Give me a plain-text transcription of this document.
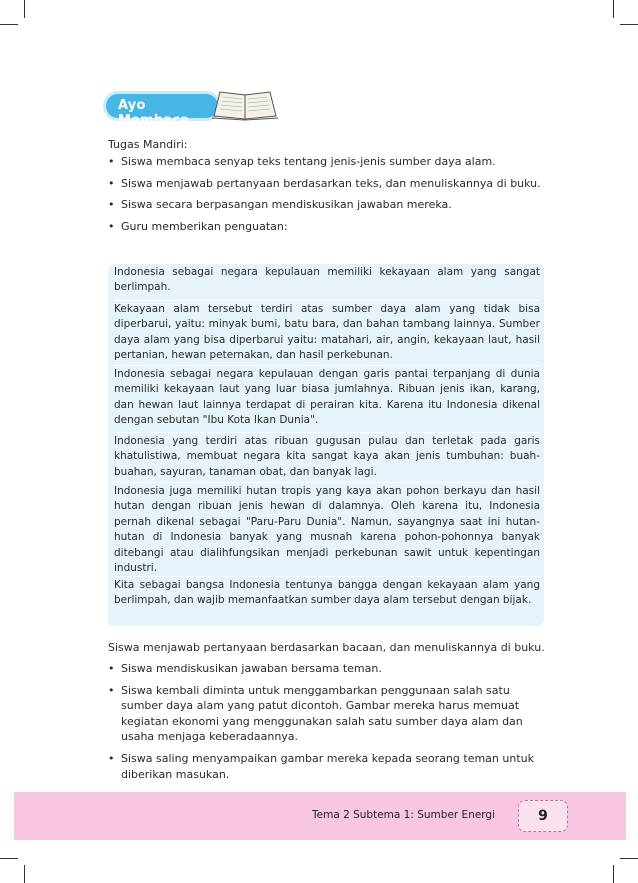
Ayo Membaca
Tugas Mandiri:
• Siswa membaca senyap teks tentang jenis-jenis sumber daya alam.
• Siswa menjawab pertanyaan berdasarkan teks, dan menuliskannya di buku.
• Siswa secara berpasangan mendiskusikan jawaban mereka.
• Guru memberikan penguatan:

Indonesia sebagai negara kepulauan memiliki kekayaan alam yang sangat berlimpah.

Kekayaan alam tersebut terdiri atas sumber daya alam yang tidak bisa diperbarui, yaitu: minyak bumi, batu bara, dan bahan tambang lainnya. Sumber daya alam yang bisa diperbarui yaitu: matahari, air, angin, kekayaan laut, hasil pertanian, hewan peternakan, dan hasil perkebunan.

Indonesia sebagai negara kepulauan dengan garis pantai terpanjang di dunia memiliki kekayaan laut yang luar biasa jumlahnya. Ribuan jenis ikan, karang, dan hewan laut lainnya terdapat di perairan kita. Karena itu Indonesia dikenal dengan sebutan "Ibu Kota Ikan Dunia".

Indonesia yang terdiri atas ribuan gugusan pulau dan terletak pada garis khatulistiwa, membuat negara kita sangat kaya akan jenis tumbuhan: buah-buahan, sayuran, tanaman obat, dan banyak lagi.

Indonesia juga memiliki hutan tropis yang kaya akan pohon berkayu dan hasil hutan dengan ribuan jenis hewan di dalamnya. Oleh karena itu, Indonesia pernah dikenal sebagai "Paru-Paru Dunia". Namun, sayangnya saat ini hutan-hutan di Indonesia banyak yang musnah karena pohon-pohonnya banyak ditebangi atau dialihfungsikan menjadi perkebunan sawit untuk kepentingan industri.

Kita sebagai bangsa Indonesia tentunya bangga dengan kekayaan alam yang berlimpah, dan wajib memanfaatkan sumber daya alam tersebut dengan bijak.

Siswa menjawab pertanyaan berdasarkan bacaan, dan menuliskannya di buku.
• Siswa mendiskusikan jawaban bersama teman.
• Siswa kembali diminta untuk menggambarkan penggunaan salah satu sumber daya alam yang patut dicontoh. Gambar mereka harus memuat kegiatan ekonomi yang menggunakan salah satu sumber daya alam dan usaha menjaga keberadaannya.
• Siswa saling menyampaikan gambar mereka kepada seorang teman untuk diberikan masukan.
Tema 2 Subtema 1: Sumber Energi	9
